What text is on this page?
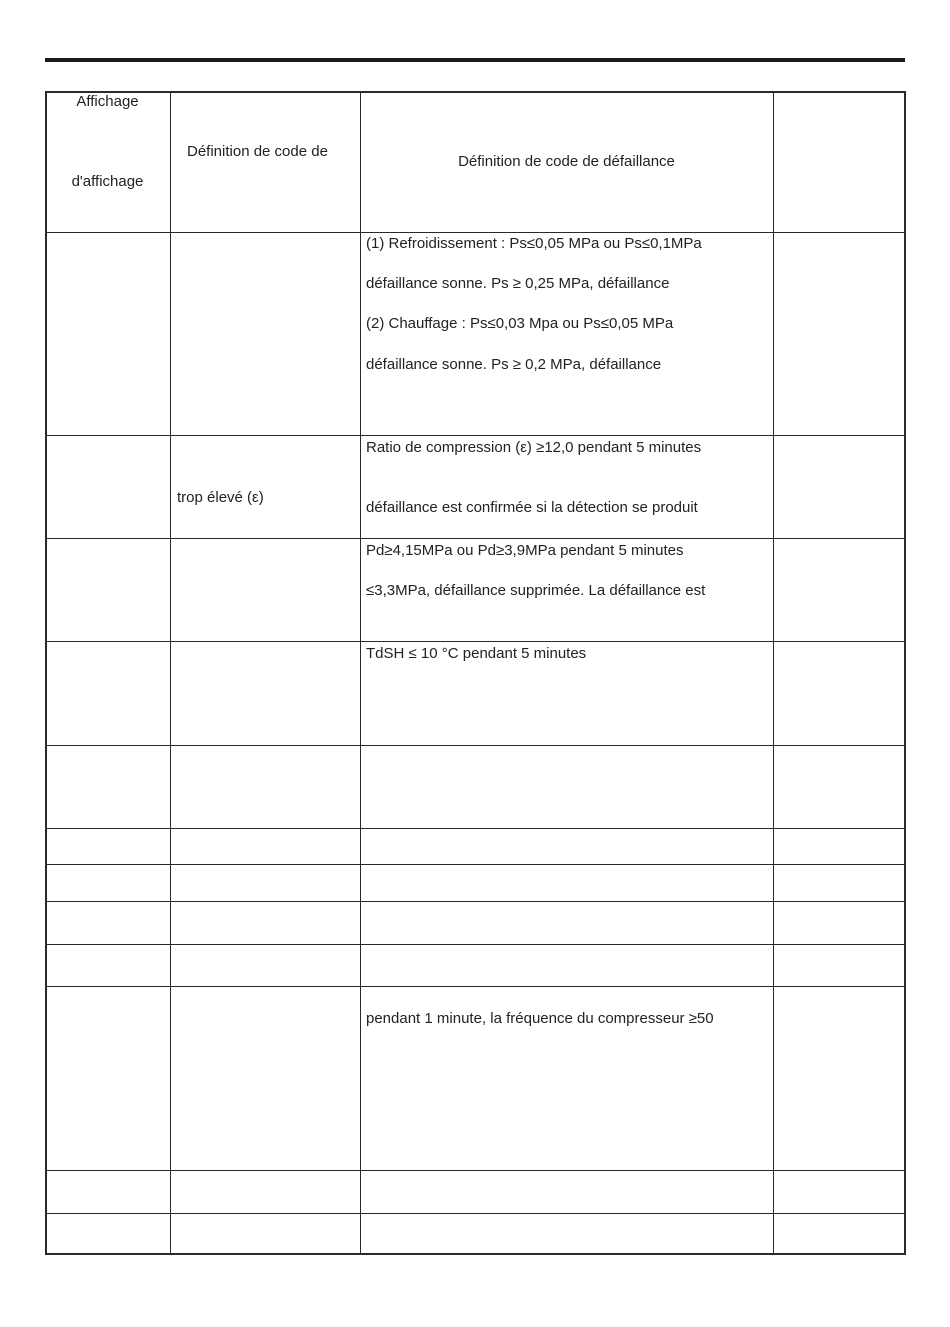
Affichage
d'affichage
Définition de code de
Définition de code de défaillance
(1) Refroidissement : Ps≤0,05 MPa ou Ps≤0,1MPa
défaillance sonne. Ps ≥ 0,25 MPa, défaillance
(2) Chauffage : Ps≤0,03 Mpa ou Ps≤0,05 MPa
défaillance sonne. Ps ≥ 0,2 MPa, défaillance
trop élevé (ε)
Ratio de compression (ε) ≥12,0 pendant 5 minutes
défaillance est confirmée si la détection se produit
Pd≥4,15MPa ou Pd≥3,9MPa pendant 5 minutes
≤3,3MPa, défaillance supprimée. La défaillance est
TdSH ≤ 10 °C pendant 5 minutes
pendant 1 minute, la fréquence du compresseur ≥50
